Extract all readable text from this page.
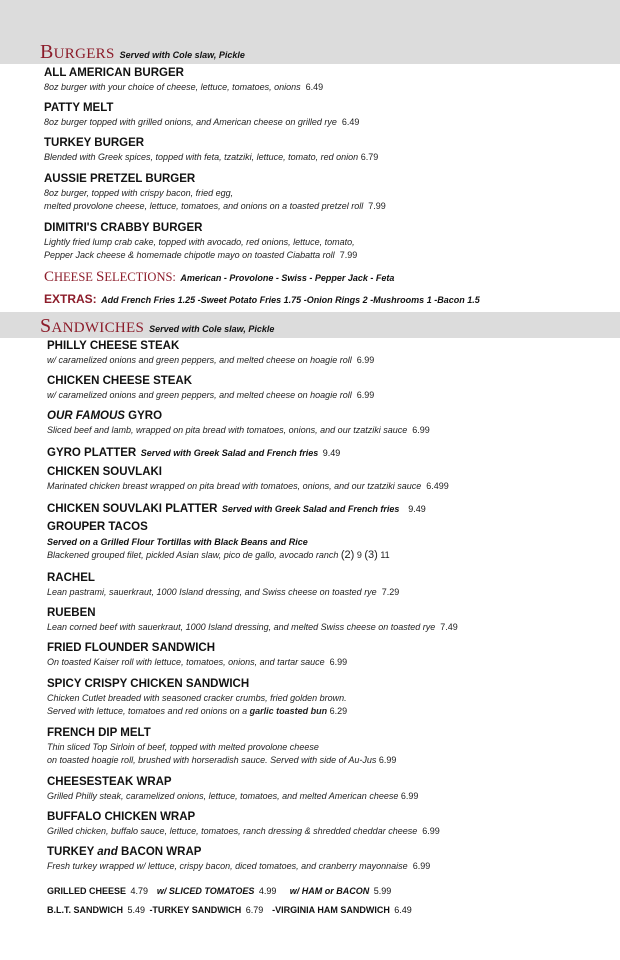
BURGERS Served with Cole slaw, Pickle
ALL AMERICAN BURGER
8oz burger with your choice of cheese, lettuce, tomatoes, onions 6.49
PATTY MELT
8oz burger topped with grilled onions, and American cheese on grilled rye 6.49
TURKEY BURGER
Blended with Greek spices, topped with feta, tzatziki, lettuce, tomato, red onion 6.79
AUSSIE PRETZEL BURGER
8oz burger, topped with crispy bacon, fried egg,
melted provolone cheese, lettuce, tomatoes, and onions on a toasted pretzel roll 7.99
DIMITRI'S CRABBY BURGER
Lightly fried lump crab cake, topped with avocado, red onions, lettuce, tomato,
Pepper Jack cheese & homemade chipotle mayo on toasted Ciabatta roll 7.99
CHEESE SELECTIONS: American - Provolone - Swiss - Pepper Jack - Feta
EXTRAS: Add French Fries 1.25 -Sweet Potato Fries 1.75 -Onion Rings 2 -Mushrooms 1 -Bacon 1.5
SANDWICHES Served with Cole slaw, Pickle
PHILLY CHEESE STEAK
w/ caramelized onions and green peppers, and melted cheese on hoagie roll 6.99
CHICKEN CHEESE STEAK
w/ caramelized onions and green peppers, and melted cheese on hoagie roll 6.99
OUR FAMOUS GYRO
Sliced beef and lamb, wrapped on pita bread with tomatoes, onions, and our tzatziki sauce 6.99
GYRO PLATTER Served with Greek Salad and French fries 9.49
CHICKEN SOUVLAKI
Marinated chicken breast wrapped on pita bread with tomatoes, onions, and our tzatziki sauce 6.499
CHICKEN SOUVLAKI PLATTER Served with Greek Salad and French fries 9.49
GROUPER TACOS
Served on a Grilled Flour Tortillas with Black Beans and Rice
Blackened grouped filet, pickled Asian slaw, pico de gallo, avocado ranch (2) 9 (3) 11
RACHEL
Lean pastrami, sauerkraut, 1000 Island dressing, and Swiss cheese on toasted rye 7.29
RUEBEN
Lean corned beef with sauerkraut, 1000 Island dressing, and melted Swiss cheese on toasted rye 7.49
FRIED FLOUNDER SANDWICH
On toasted Kaiser roll with lettuce, tomatoes, onions, and tartar sauce 6.99
SPICY CRISPY CHICKEN SANDWICH
Chicken Cutlet breaded with seasoned cracker crumbs, fried golden brown.
Served with lettuce, tomatoes and red onions on a garlic toasted bun 6.29
FRENCH DIP MELT
Thin sliced Top Sirloin of beef, topped with melted provolone cheese
on toasted hoagie roll, brushed with horseradish sauce. Served with side of Au-Jus 6.99
CHEESESTEAK WRAP
Grilled Philly steak, caramelized onions, lettuce, tomatoes, and melted American cheese 6.99
BUFFALO CHICKEN WRAP
Grilled chicken, buffalo sauce, lettuce, tomatoes, ranch dressing & shredded cheddar cheese 6.99
TURKEY and BACON WRAP
Fresh turkey wrapped w/ lettuce, crispy bacon, diced tomatoes, and cranberry mayonnaise 6.99
GRILLED CHEESE 4.79 w/ SLICED TOMATOES 4.99 w/ HAM or BACON 5.99
B.L.T. SANDWICH 5.49 -TURKEY SANDWICH 6.79 -VIRGINIA HAM SANDWICH 6.49
